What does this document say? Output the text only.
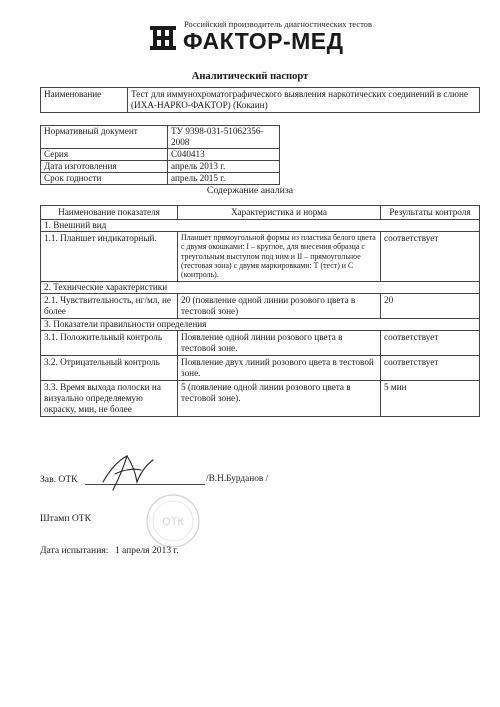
Российский производитель диагностических тестов
ФАКТОР-МЕД
Аналитический паспорт
Наименование	Тест для иммунохроматографического выявления наркотических соединений в слюне (ИХА-НАРКО-ФАКТОР) (Кокаин)
Нормативный документ	ТУ 9398-031-51062356-2008
Серия	С040413
Дата изготовления	апрель 2013 г.
Срок годности	апрель 2015 г.
Содержание анализа
Наименование показателя	Характеристика и норма	Результаты контроля
1. Внешний вид		
1.1. Планшет индикаторный.	Планшет прямоугольной формы из пластика белого цвета с двумя окошками: I – круглое, для внесения образца с треугольным выступом под ним и II – прямоугольное (тестовая зона) с двумя маркировками: Т (тест) и С (контроль).	соответствует
2. Технические характеристики		
2.1. Чувствительность, нг/мл, не более	20 (появление одной линии розового цвета в тестовой зоне)	20
3. Показатели правильности определения		
3.1. Положительный контроль	Появление одной линии розового цвета в тестовой зоне.	соответствует
3.2. Отрицательный контроль	Появление двух линий розового цвета в тестовой зоне.	соответствует
3.3. Время выхода полоски на визуально определяемую окраску, мин, не более	5 (появление одной линии розового цвета в тестовой зоне).	5 мин
Зав. ОТК	/В.Н.Бурданов /
Штамп ОТК	ОТК
Дата испытания: 1 апреля 2013 г.
